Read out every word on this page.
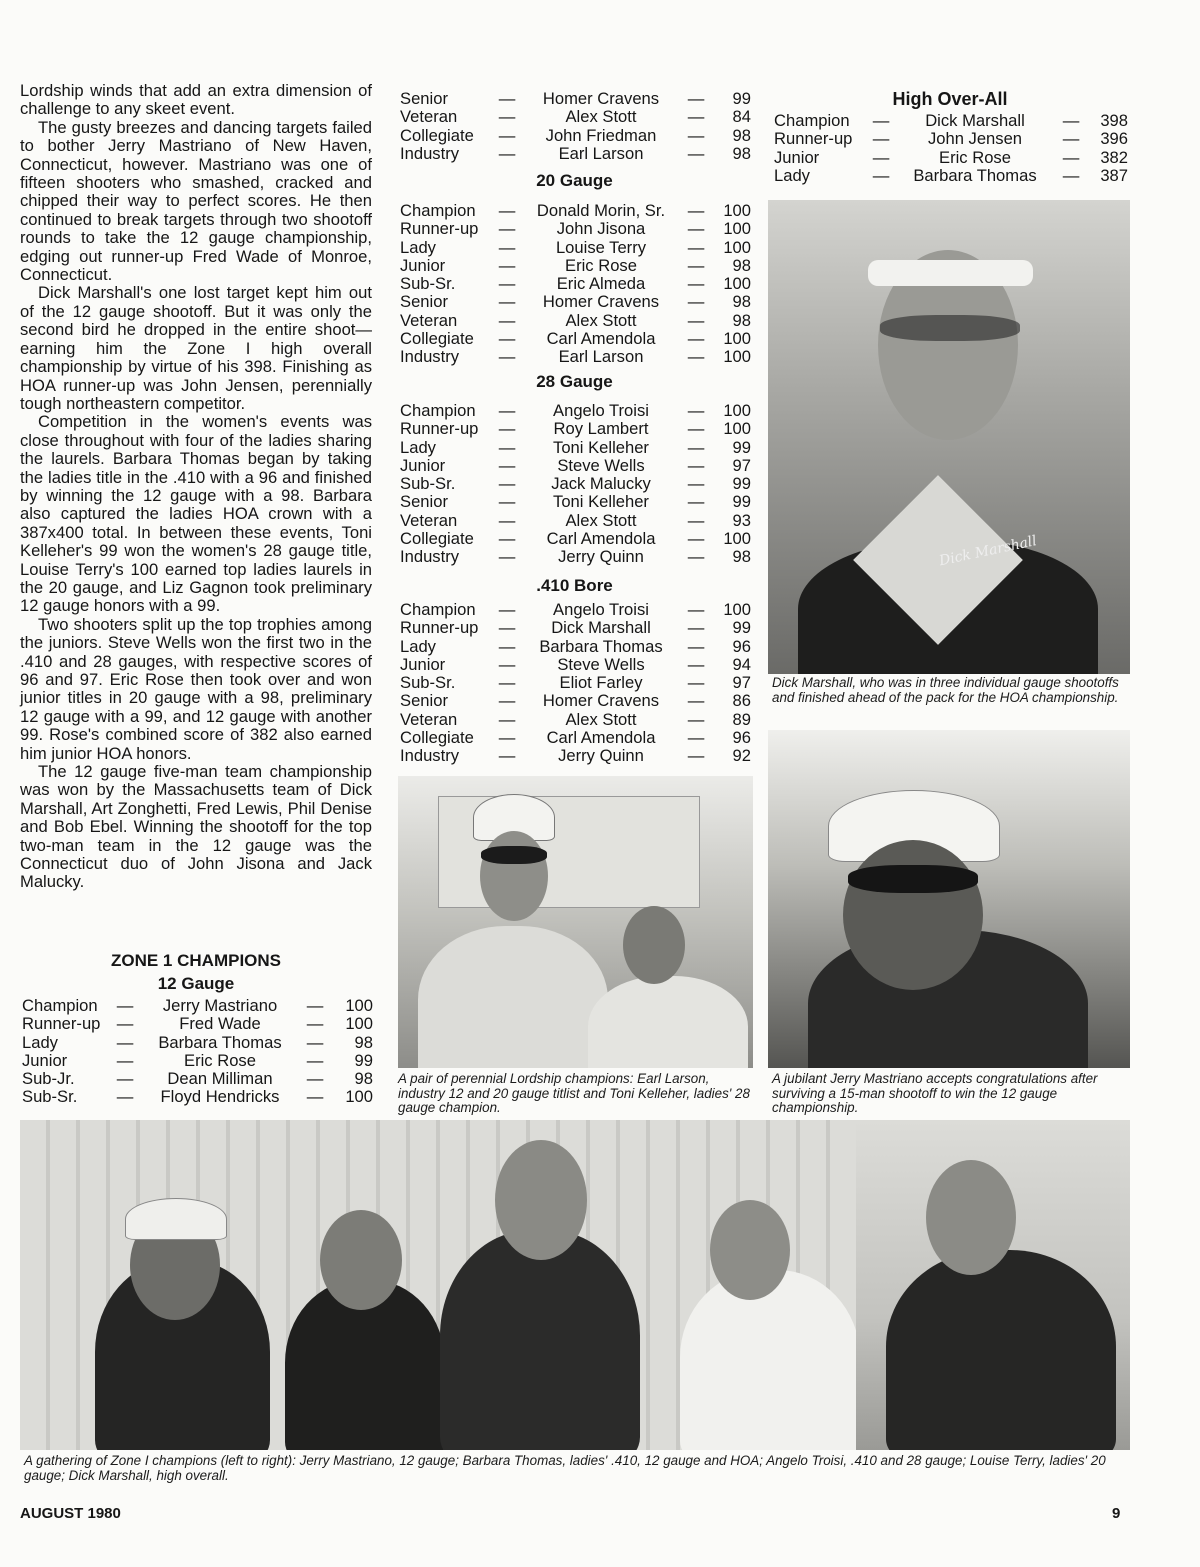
Lordship winds that add an extra dimension of challenge to any skeet event.

The gusty breezes and dancing targets failed to bother Jerry Mastriano of New Haven, Connecticut, however. Mastriano was one of fifteen shooters who smashed, cracked and chipped their way to perfect scores. He then continued to break targets through two shootoff rounds to take the 12 gauge championship, edging out runner-up Fred Wade of Monroe, Connecticut.

Dick Marshall's one lost target kept him out of the 12 gauge shootoff. But it was only the second bird he dropped in the entire shoot—earning him the Zone I high overall championship by virtue of his 398. Finishing as HOA runner-up was John Jensen, perennially tough northeastern competitor.

Competition in the women's events was close throughout with four of the ladies sharing the laurels. Barbara Thomas began by taking the ladies title in the .410 with a 96 and finished by winning the 12 gauge with a 98. Barbara also captured the ladies HOA crown with a 387x400 total. In between these events, Toni Kelleher's 99 won the women's 28 gauge title, Louise Terry's 100 earned top ladies laurels in the 20 gauge, and Liz Gagnon took preliminary 12 gauge honors with a 99.

Two shooters split up the top trophies among the juniors. Steve Wells won the first two in the .410 and 28 gauges, with respective scores of 96 and 97. Eric Rose then took over and won junior titles in 20 gauge with a 98, preliminary 12 gauge with a 99, and 12 gauge with another 99. Rose's combined score of 382 also earned him junior HOA honors.

The 12 gauge five-man team championship was won by the Massachusetts team of Dick Marshall, Art Zonghetti, Fred Lewis, Phil Denise and Bob Ebel. Winning the shootoff for the top two-man team in the 12 gauge was the Connecticut duo of John Jisona and Jack Malucky.

ZONE 1 CHAMPIONS
12 Gauge
Champion	—	Jerry Mastriano	—	100
Runner-up	—	Fred Wade	—	100
Lady	—	Barbara Thomas	—	98
Junior	—	Eric Rose	—	99
Sub-Jr.	—	Dean Milliman	—	98
Sub-Sr.	—	Floyd Hendricks	—	100
Senior	—	Homer Cravens	—	99
Veteran	—	Alex Stott	—	84
Collegiate	—	John Friedman	—	98
Industry	—	Earl Larson	—	98
20 Gauge
Champion	—	Donald Morin, Sr.	—	100
Runner-up	—	John Jisona	—	100
Lady	—	Louise Terry	—	100
Junior	—	Eric Rose	—	98
Sub-Sr.	—	Eric Almeda	—	100
Senior	—	Homer Cravens	—	98
Veteran	—	Alex Stott	—	98
Collegiate	—	Carl Amendola	—	100
Industry	—	Earl Larson	—	100
28 Gauge
Champion	—	Angelo Troisi	—	100
Runner-up	—	Roy Lambert	—	100
Lady	—	Toni Kelleher	—	99
Junior	—	Steve Wells	—	97
Sub-Sr.	—	Jack Malucky	—	99
Senior	—	Toni Kelleher	—	99
Veteran	—	Alex Stott	—	93
Collegiate	—	Carl Amendola	—	100
Industry	—	Jerry Quinn	—	98
.410 Bore
Champion	—	Angelo Troisi	—	100
Runner-up	—	Dick Marshall	—	99
Lady	—	Barbara Thomas	—	96
Junior	—	Steve Wells	—	94
Sub-Sr.	—	Eliot Farley	—	97
Senior	—	Homer Cravens	—	86
Veteran	—	Alex Stott	—	89
Collegiate	—	Carl Amendola	—	96
Industry	—	Jerry Quinn	—	92
High Over-All
Champion	—	Dick Marshall	—	398
Runner-up	—	John Jensen	—	396
Junior	—	Eric Rose	—	382
Lady	—	Barbara Thomas	—	387
Dick Marshall
Dick Marshall, who was in three individual gauge shootoffs and finished ahead of the pack for the HOA championship.
A pair of perennial Lordship champions: Earl Larson, industry 12 and 20 gauge titlist and Toni Kelleher, ladies' 28 gauge champion.
A jubilant Jerry Mastriano accepts congratulations after surviving a 15-man shootoff to win the 12 gauge championship.
A gathering of Zone I champions (left to right): Jerry Mastriano, 12 gauge; Barbara Thomas, ladies' .410, 12 gauge and HOA; Angelo Troisi, .410 and 28 gauge; Louise Terry, ladies' 20 gauge; Dick Marshall, high overall.
AUGUST 1980	9
